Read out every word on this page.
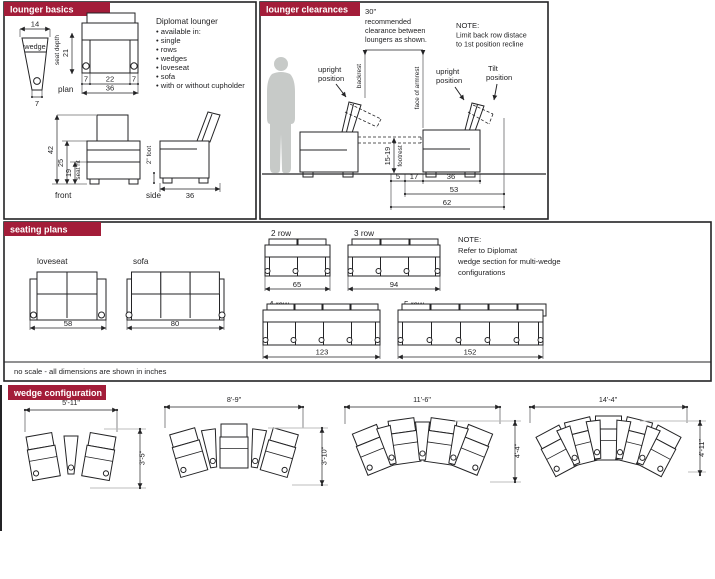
lounger basics
14
wedge
7
21
seat depth
7 22 7
36
plan
Diplomat lounger
• available in:
• single
• rows
• wedges
• loveseat
• sofa
• with or without cupholder
42
25
19 seat ht
front
2" foot
36
side
lounger clearances 30"
recommended
clearance between
loungers as shown.
NOTE:
Limit back row distace
to 1st position recline
backrest	face of armrest
upright
position
upright
position
Tilt
position
15-19 footrest
5 17	36
53
62
seating plans
loveseat
58
sofa
80
2 row
65
3 row
94
NOTE:
Refer to Diplomat
wedge section for multi-wedge
configurations
123	152
no scale - all dimensions are shown in inches
wedge configuration
5'-11"
3'-5"
8'-9"
3'-10"
11'-6"
4'-4"
14'-4"
4'-11"
